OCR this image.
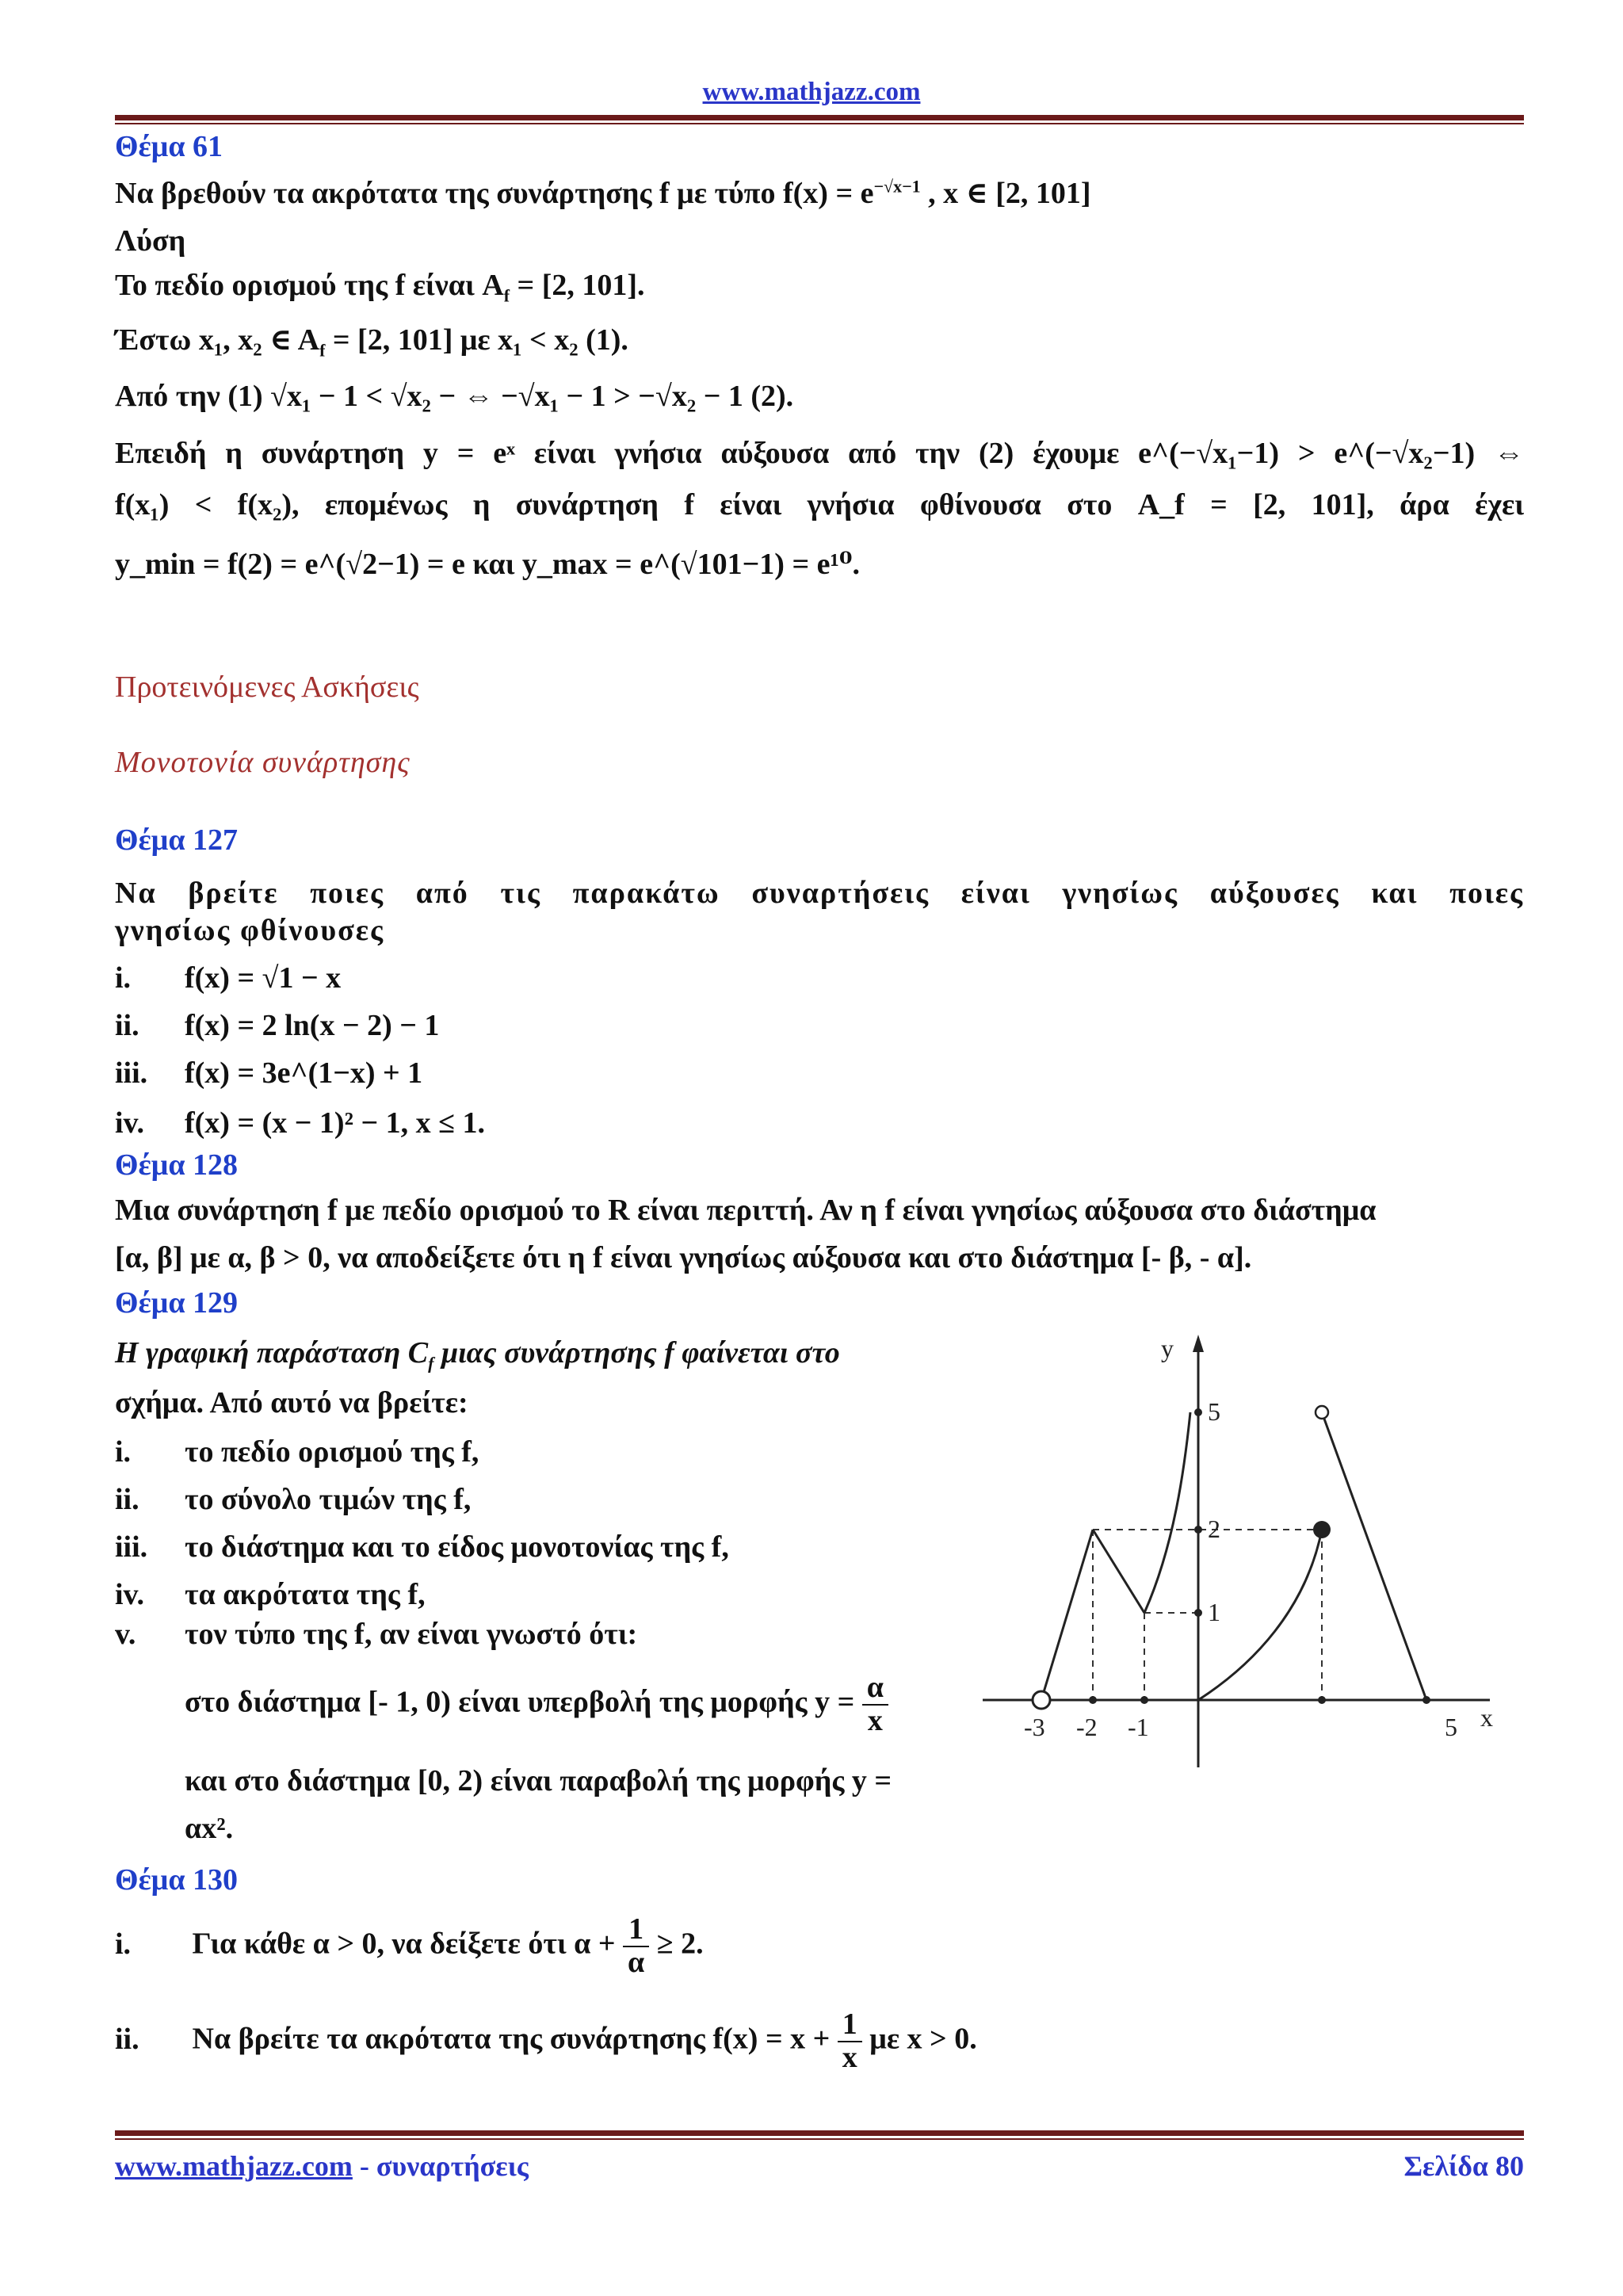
www.mathjazz.com
Θέμα 61
Να βρεθούν τα ακρότατα της συνάρτησης f με τύπο $f(x) = e^{-√x-1}$ , x ∈ [2, 101]
Λύση
Το πεδίο ορισμού της f είναι $A_f = [2$, 101].
Έστω x₁, x₂ ∈ $A_f = [2$, 101] με x₁ < x₂ (1).
Από την (1) √x₁ − 1 < √x₂ − ⇔ −√x₁ − 1 > −√x₂ − 1 (2).
Επειδή η συνάρτηση y = eˣ είναι γνήσια αύξουσα από την (2) έχουμε e^(−√x₁−1) > e^(−√x₂−1) ⇔
f(x₁) < f(x₂), επομένως η συνάρτηση f είναι γνήσια φθίνουσα στο A_f = [2, 101], άρα έχει
y_min = f(2) = e^(√2−1) = e και y_max = e^(√101−1) = e¹⁰.
Προτεινόμενες Ασκήσεις
Μονοτονία συνάρτησης
Θέμα 127
Να βρείτε ποιες από τις παρακάτω συναρτήσεις είναι γνησίως αύξουσες και ποιες
γνησίως φθίνουσες
i. f(x) = √1 − x
ii. f(x) = 2 ln(x − 2) − 1
iii. f(x) = 3e^(1−x) + 1
iv. f(x) = (x − 1)² − 1, x ≤ 1.
Θέμα 128
Μια συνάρτηση f με πεδίο ορισμού το R είναι περιττή. Αν η f είναι γνησίως αύξουσα στο διάστημα
[α, β] με α, β > 0, να αποδείξετε ότι η f είναι γνησίως αύξουσα και στο διάστημα [- β, - α].
Θέμα 129
Η γραφική παράσταση $C_f$ μιας συνάρτησης f φαίνεται στο
σχήμα. Από αυτό να βρείτε:
i. το πεδίο ορισμού της f,
ii. το σύνολο τιμών της f,
iii. το διάστημα και το είδος μονοτονίας της f,
iv. τα ακρότατα της f,
v. τον τύπο της f, αν είναι γνωστό ότι:
στο διάστημα [- 1, 0) είναι υπερβολή της μορφής $y = \frac{\alpha}{x}$
και στο διάστημα [0, 2) είναι παραβολή της μορφής y =
αx².
y
x
-3 -2 -1	5
5
2
1
Θέμα 130
i. Για κάθε α > 0, να δείξετε ότι $\alpha + \frac{1}{\alpha} \ge 2$.
ii. Να βρείτε τα ακρότατα της συνάρτησης $f(x) = x + \frac{1}{x}$ με x > 0.
www.mathjazz.com - συναρτήσεις	Σελίδα 80
